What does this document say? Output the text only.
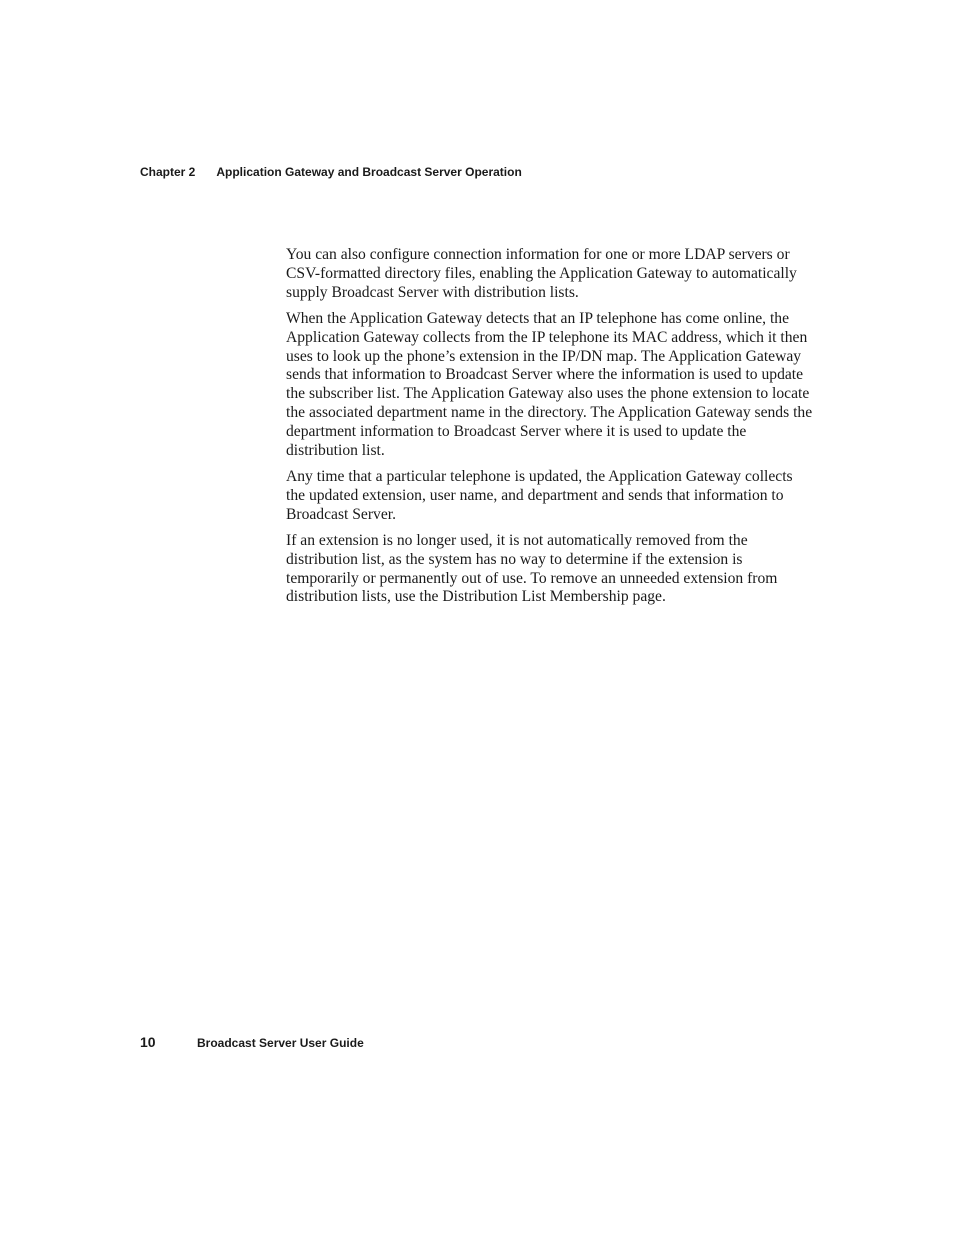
Chapter 2 Application Gateway and Broadcast Server Operation

You can also configure connection information for one or more LDAP servers or CSV-formatted directory files, enabling the Application Gateway to automatically supply Broadcast Server with distribution lists.

When the Application Gateway detects that an IP telephone has come online, the Application Gateway collects from the IP telephone its MAC address, which it then uses to look up the phone’s extension in the IP/DN map. The Application Gateway sends that information to Broadcast Server where the information is used to update the subscriber list. The Application Gateway also uses the phone extension to locate the associated department name in the directory. The Application Gateway sends the department information to Broadcast Server where it is used to update the distribution list.

Any time that a particular telephone is updated, the Application Gateway collects the updated extension, user name, and department and sends that information to Broadcast Server.

If an extension is no longer used, it is not automatically removed from the distribution list, as the system has no way to determine if the extension is temporarily or permanently out of use. To remove an unneeded extension from distribution lists, use the Distribution List Membership page.

10	Broadcast Server User Guide
